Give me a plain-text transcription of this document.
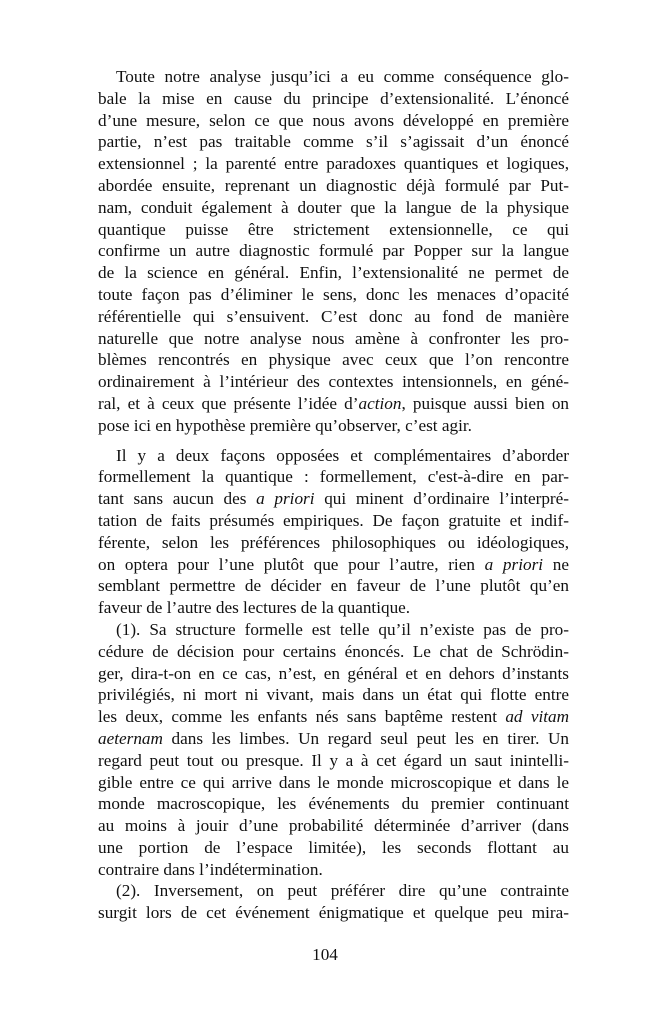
Toute notre analyse jusqu’ici a eu comme conséquence glo-
bale la mise en cause du principe d’extensionalité. L’énoncé
d’une mesure, selon ce que nous avons développé en première
partie, n’est pas traitable comme s’il s’agissait d’un énoncé
extensionnel ; la parenté entre paradoxes quantiques et logiques,
abordée ensuite, reprenant un diagnostic déjà formulé par Put-
nam, conduit également à douter que la langue de la physique
quantique puisse être strictement extensionnelle, ce qui
confirme un autre diagnostic formulé par Popper sur la langue
de la science en général. Enfin, l’extensionalité ne permet de
toute façon pas d’éliminer le sens, donc les menaces d’opacité
référentielle qui s’ensuivent. C’est donc au fond de manière
naturelle que notre analyse nous amène à confronter les pro-
blèmes rencontrés en physique avec ceux que l’on rencontre
ordinairement à l’intérieur des contextes intensionnels, en géné-
ral, et à ceux que présente l’idée d’action, puisque aussi bien on
pose ici en hypothèse première qu’observer, c’est agir.
Il y a deux façons opposées et complémentaires d’aborder
formellement la quantique : formellement, c'est-à-dire en par-
tant sans aucun des a priori qui minent d’ordinaire l’interpré-
tation de faits présumés empiriques. De façon gratuite et indif-
férente, selon les préférences philosophiques ou idéologiques,
on optera pour l’une plutôt que pour l’autre, rien a priori ne
semblant permettre de décider en faveur de l’une plutôt qu’en
faveur de l’autre des lectures de la quantique.
(1). Sa structure formelle est telle qu’il n’existe pas de pro-
cédure de décision pour certains énoncés. Le chat de Schrödin-
ger, dira-t-on en ce cas, n’est, en général et en dehors d’instants
privilégiés, ni mort ni vivant, mais dans un état qui flotte entre
les deux, comme les enfants nés sans baptême restent ad vitam
aeternam dans les limbes. Un regard seul peut les en tirer. Un
regard peut tout ou presque. Il y a à cet égard un saut inintelli-
gible entre ce qui arrive dans le monde microscopique et dans le
monde macroscopique, les événements du premier continuant
au moins à jouir d’une probabilité déterminée d’arriver (dans
une portion de l’espace limitée), les seconds flottant au
contraire dans l’indétermination.
(2). Inversement, on peut préférer dire qu’une contrainte
surgit lors de cet événement énigmatique et quelque peu mira-
104
